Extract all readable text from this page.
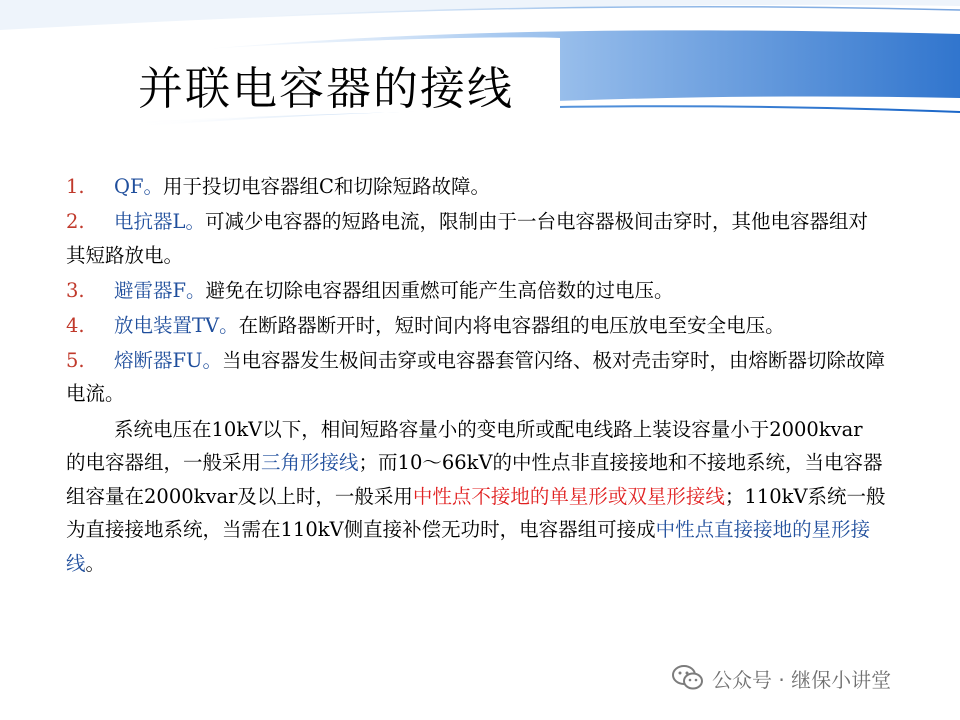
并联电容器的接线
1. QF。用于投切电容器组C和切除短路故障。
2. 电抗器L。可减少电容器的短路电流，限制由于一台电容器极间击穿时，其他电容器组对其短路放电。
3. 避雷器F。避免在切除电容器组因重燃可能产生高倍数的过电压。
4. 放电装置TV。在断路器断开时，短时间内将电容器组的电压放电至安全电压。
5. 熔断器FU。当电容器发生极间击穿或电容器套管闪络、极对壳击穿时，由熔断器切除故障电流。
系统电压在10kV以下，相间短路容量小的变电所或配电线路上装设容量小于2000kvar 的电容器组，一般采用三角形接线；而10～66kV的中性点非直接接地和不接地系统，当电容器组容量在2000kvar及以上时，一般采用中性点不接地的单星形或双星形接线；110kV系统一般为直接接地系统，当需在110kV侧直接补偿无功时，电容器组可接成中性点直接接地的星形接线。
公众号 · 继保小讲堂
